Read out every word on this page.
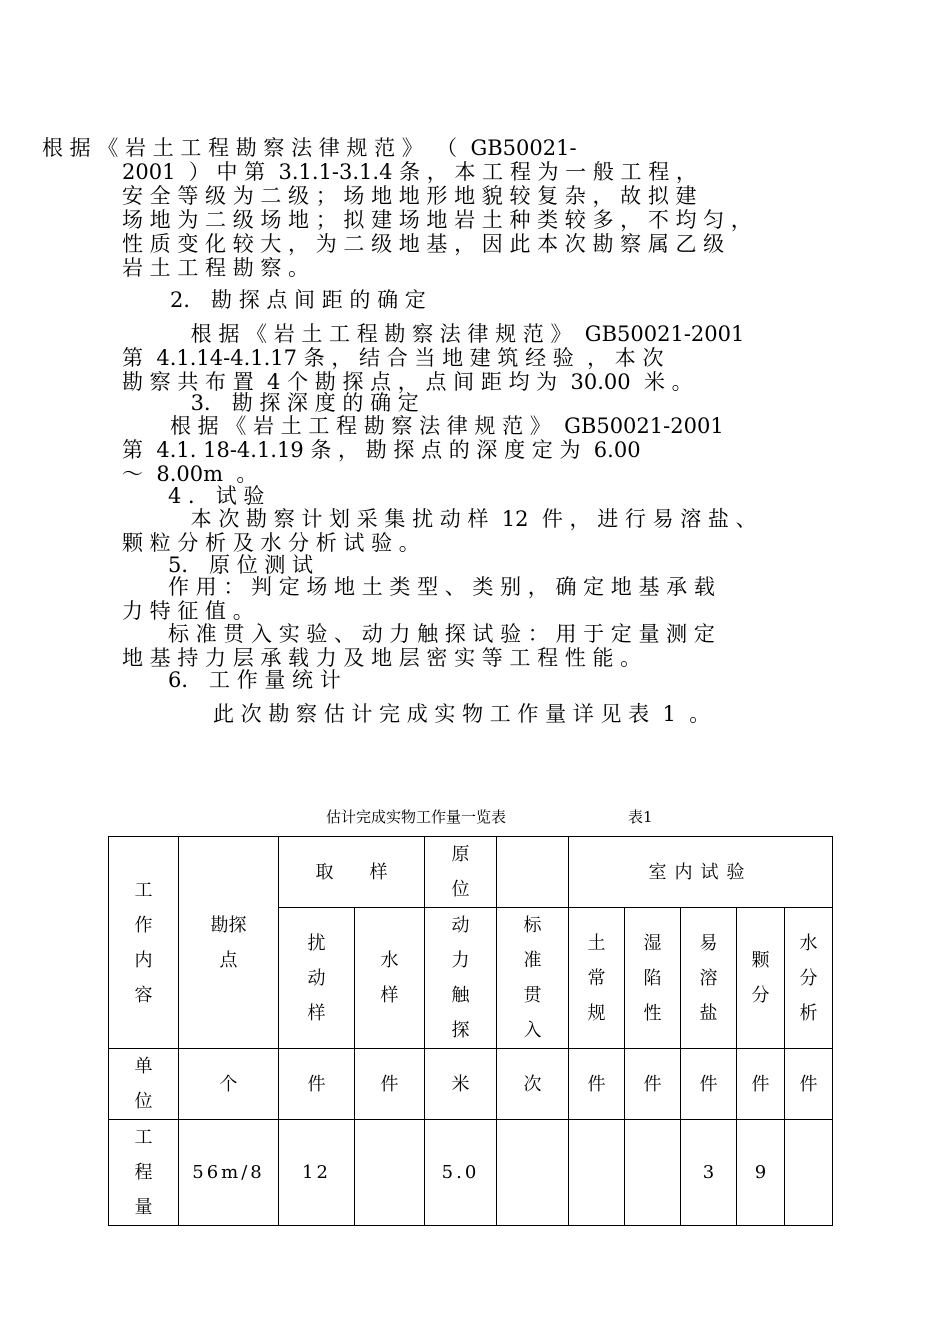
　　根 据 《 岩 土 工 程 勘 察 法 律 规 范 》  （  GB50021-
2001  ） 中 第  3.1.1-3.1.4 条 ， 本 工 程 为 一 般 工 程 ，
安 全 等 级 为 二 级 ； 场 地 地 形 地 貌 较 复 杂 ， 故 拟 建
场 地 为 二 级 场 地 ； 拟 建 场 地 岩 土 种 类 较 多 ， 不 均 匀 ，
性 质 变 化 较 大 ， 为 二 级 地 基 ， 因 此 本 次 勘 察 属 乙 级
岩 土 工 程 勘 察 。
　　2． 勘 探 点 间 距 的 确 定
　　 根 据 《 岩 土 工 程 勘 察 法 律 规 范 》  GB50021-2001
第  4.1.14-4.1.17 条 ， 结 合 当 地 建 筑 经 验  ， 本 次
勘 察 共 布 置  4 个 勘 探 点 ， 点 间 距 均 为  30.00  米 。
　　 3． 勘 探 深 度 的 确 定
　　根 据 《 岩 土 工 程 勘 察 法 律 规 范 》  GB50021-2001
第  4.1. 18-4.1.19 条 ， 勘 探 点 的 深 度 定 为  6.00
～  8.00m  。
　　4 ． 试 验
　　 本 次 勘 察 计 划 采 集 扰 动 样  12  件 ， 进 行 易 溶 盐 、
颗 粒 分 析 及 水 分 析 试 验 。
　　5． 原 位 测 试
　　作 用 ： 判 定 场 地 土 类 型 、 类 别 ， 确 定 地 基 承 载
力 特 征 值 。
　　标 准 贯 入 实 验 、 动 力 触 探 试 验 ： 用 于 定 量 测 定
地 基 持 力 层 承 载 力 及 地 层 密 实 等 工 程 性 能 。
　　6． 工 作 量 统 计
　　　此 次 勘 察 估 计 完 成 实 物 工 作 量 详 见 表  1  。
估计完成实物工作量一览表	表1
工作内容	勘探点	取　　样		原位		室内试验				
		扰动样	水样	动力触探	标准贯入	土常规	湿陷性	易溶盐	颗分	水分析
单位	个	件	件	米	次	件	件	件	件	件
工程量	56m/8	12		5.0				3	9	
